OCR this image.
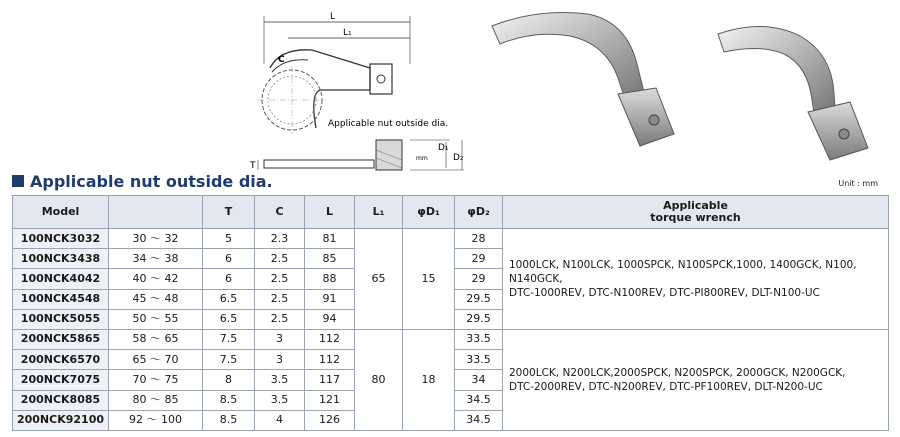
L
L₁
C
Applicable nut outside dia.
D₁
mm	D₂
T
Applicable nut outside dia.	Unit : mm
Model		T	C	L	L₁	φD₁	φD₂	Applicable
torque wrench

100NCK3032	30 ～ 32	5	2.3	81	65	15	28	1000LCK, N100LCK, 1000SPCK, N100SPCK,1000, 1400GCK, N100, N140GCK,
DTC-1000REV, DTC-N100REV, DTC-PI800REV, DLT-N100-UC

100NCK3438	34 ～ 38	6	2.5	85			29	
100NCK4042	40 ～ 42	6	2.5	88			29	
100NCK4548	45 ～ 48	6.5	2.5	91			29.5	
100NCK5055	50 ～ 55	6.5	2.5	94			29.5	
200NCK5865	58 ～ 65	7.5	3	112	80	18	33.5	2000LCK, N200LCK,2000SPCK, N200SPCK, 2000GCK, N200GCK,
DTC-2000REV, DTC-N200REV, DTC-PF100REV, DLT-N200-UC

200NCK6570	65 ～ 70	7.5	3	112			33.5	
200NCK7075	70 ～ 75	8	3.5	117			34	
200NCK8085	80 ～ 85	8.5	3.5	121			34.5	
200NCK92100	92 ～ 100	8.5	4	126			34.5	
